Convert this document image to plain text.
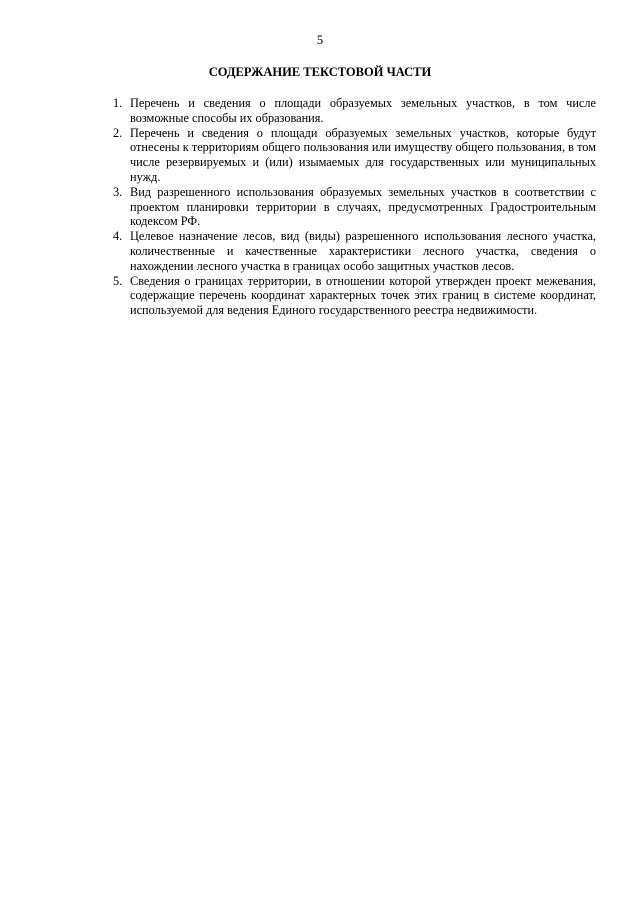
5
СОДЕРЖАНИЕ ТЕКСТОВОЙ ЧАСТИ
1. Перечень и сведения о площади образуемых земельных участков, в том числе возможные способы их образования.
2. Перечень и сведения о площади образуемых земельных участков, которые будут отнесены к территориям общего пользования или имуществу общего пользования, в том числе резервируемых и (или) изымаемых для государственных или муниципальных нужд.
3. Вид разрешенного использования образуемых земельных участков в соответствии с проектом планировки территории в случаях, предусмотренных Градостроительным кодексом РФ.
4. Целевое назначение лесов, вид (виды) разрешенного использования лесного участка, количественные и качественные характеристики лесного участка, сведения о нахождении лесного участка в границах особо защитных участков лесов.
5. Сведения о границах территории, в отношении которой утвержден проект межевания, содержащие перечень координат характерных точек этих границ в системе координат, используемой для ведения Единого государственного реестра недвижимости.
